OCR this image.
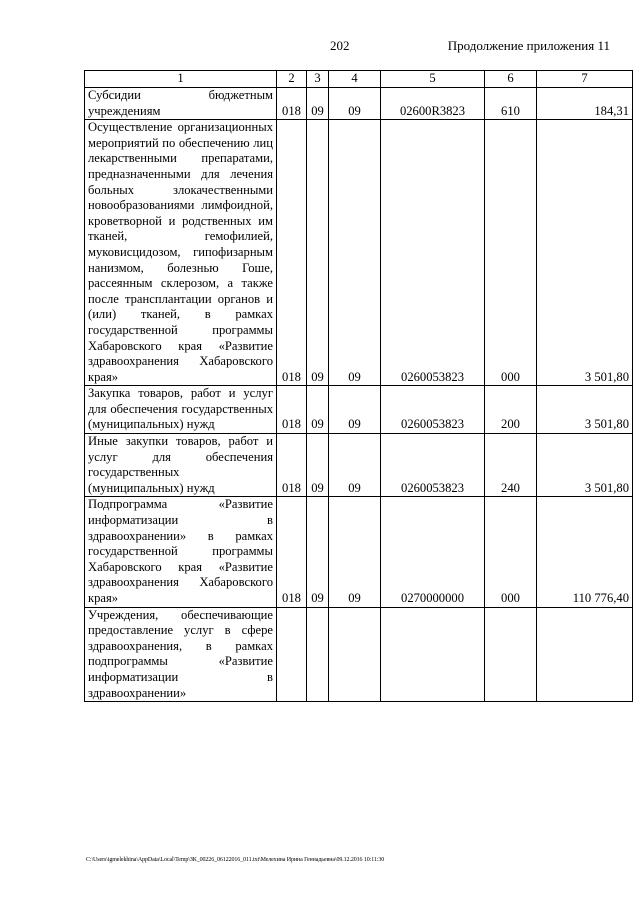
202	Продолжение приложения 11
1	2	3	4	5	6	7
Субсидии бюджетным учреждениям	018	09	09	02600R3823	610	184,31
Осуществление организационных мероприятий по обеспечению лиц лекарственными препаратами, предназначенными для лечения больных злокачественными новообразованиями лимфоидной, кроветворной и родственных им тканей, гемофилией, муковисцидозом, гипофизарным нанизмом, болезнью Гоше, рассеянным склерозом, а также после трансплантации органов и (или) тканей, в рамках государственной программы Хабаровского края «Развитие здравоохранения Хабаровского края»	018	09	09	0260053823	000	3 501,80
Закупка товаров, работ и услуг для обеспечения государственных (муниципальных) нужд	018	09	09	0260053823	200	3 501,80
Иные закупки товаров, работ и услуг для обеспечения государственных (муниципальных) нужд	018	09	09	0260053823	240	3 501,80
Подпрограмма «Развитие информатизации в здравоохранении» в рамках государственной программы Хабаровского края «Развитие здравоохранения Хабаровского края»	018	09	09	0270000000	000	110 776,40
Учреждения, обеспечивающие предоставление услуг в сфере здравоохранения, в рамках подпрограммы «Развитие информатизации в здравоохранении»						
C:\Users\igmelekhina\AppData\Local\Temp\ЗК_00226_06122016_011.txt\Мелехина Ирина Геннадьевна\09.12.2016 10:11:30
